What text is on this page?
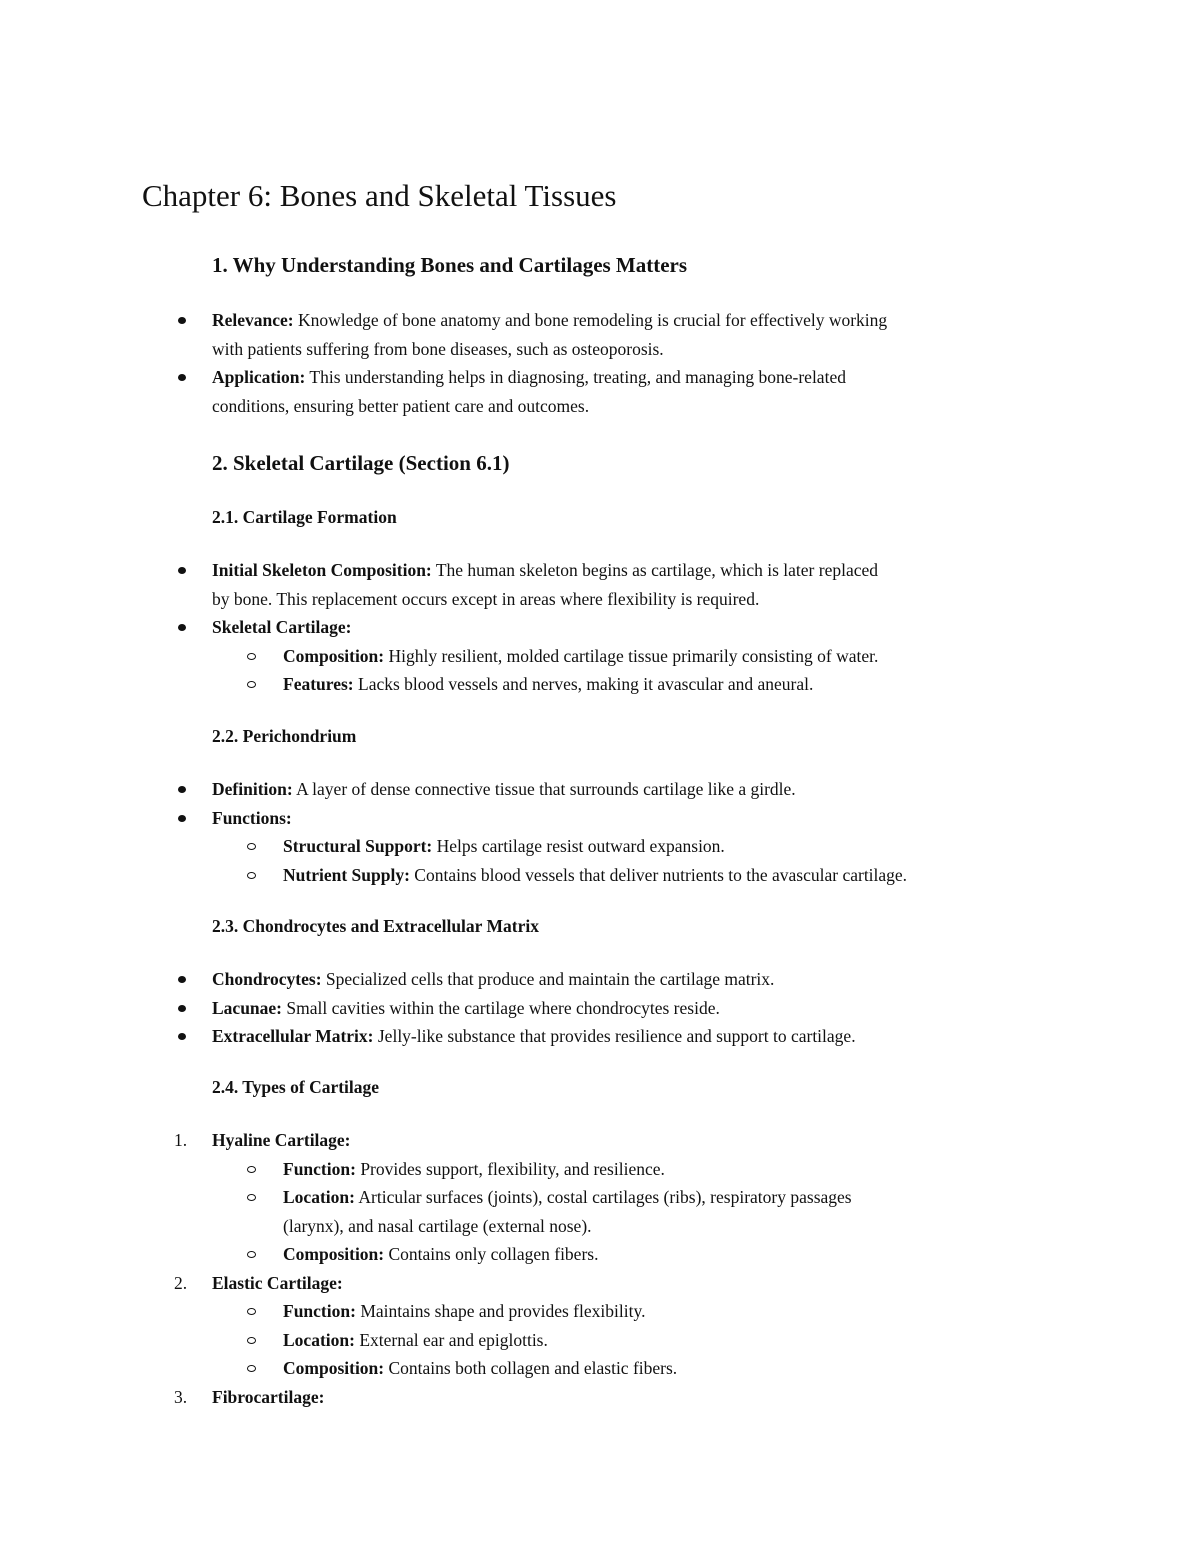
Chapter 6: Bones and Skeletal Tissues
1. Why Understanding Bones and Cartilages Matters
Relevance: Knowledge of bone anatomy and bone remodeling is crucial for effectively working
with patients suffering from bone diseases, such as osteoporosis.
Application: This understanding helps in diagnosing, treating, and managing bone-related
conditions, ensuring better patient care and outcomes.
2. Skeletal Cartilage (Section 6.1)
2.1. Cartilage Formation
Initial Skeleton Composition: The human skeleton begins as cartilage, which is later replaced
by bone. This replacement occurs except in areas where flexibility is required.
Skeletal Cartilage:
Composition: Highly resilient, molded cartilage tissue primarily consisting of water.
Features: Lacks blood vessels and nerves, making it avascular and aneural.
2.2. Perichondrium
Definition: A layer of dense connective tissue that surrounds cartilage like a girdle.
Functions:
Structural Support: Helps cartilage resist outward expansion.
Nutrient Supply: Contains blood vessels that deliver nutrients to the avascular cartilage.
2.3. Chondrocytes and Extracellular Matrix
Chondrocytes: Specialized cells that produce and maintain the cartilage matrix.
Lacunae: Small cavities within the cartilage where chondrocytes reside.
Extracellular Matrix: Jelly-like substance that provides resilience and support to cartilage.
2.4. Types of Cartilage
1.	Hyaline Cartilage:
Function: Provides support, flexibility, and resilience.
Location: Articular surfaces (joints), costal cartilages (ribs), respiratory passages
(larynx), and nasal cartilage (external nose).
Composition: Contains only collagen fibers.
2.	Elastic Cartilage:
Function: Maintains shape and provides flexibility.
Location: External ear and epiglottis.
Composition: Contains both collagen and elastic fibers.
3.	Fibrocartilage:
